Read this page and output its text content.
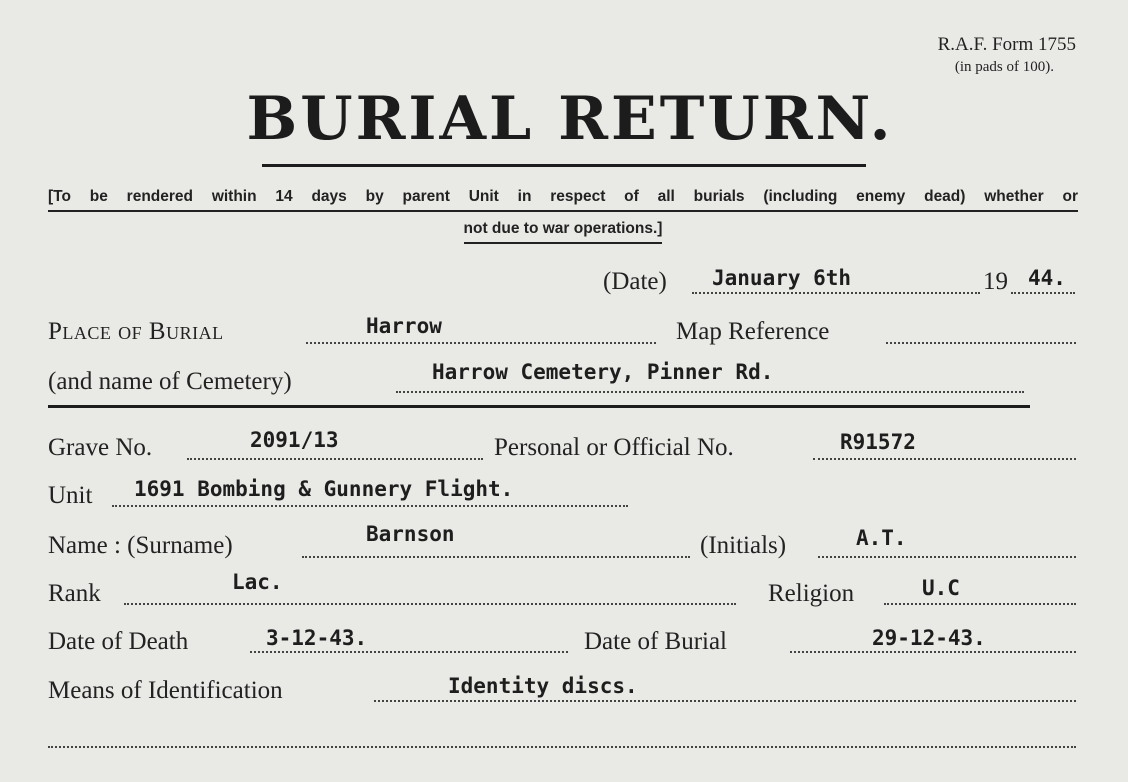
R.A.F. Form 1755
(in pads of 100).
BURIAL RETURN.
[To be rendered within 14 days by parent Unit in respect of all burials (including enemy dead) whether or
not due to war operations.]
(Date) January 6th	19 44.
Place of Burial	Harrow	Map Reference
(and name of Cemetery)	Harrow Cemetery, Pinner Rd.
Grave No.	2091/13	Personal or Official No.	R91572
Unit 1691 Bombing & Gunnery Flight.
Name : (Surname)	Barnson	(Initials)	A.T.
Rank	Lac.	Religion	U.C
Date of Death	3-12-43.	Date of Burial	29-12-43.
Means of Identification	Identity discs.
